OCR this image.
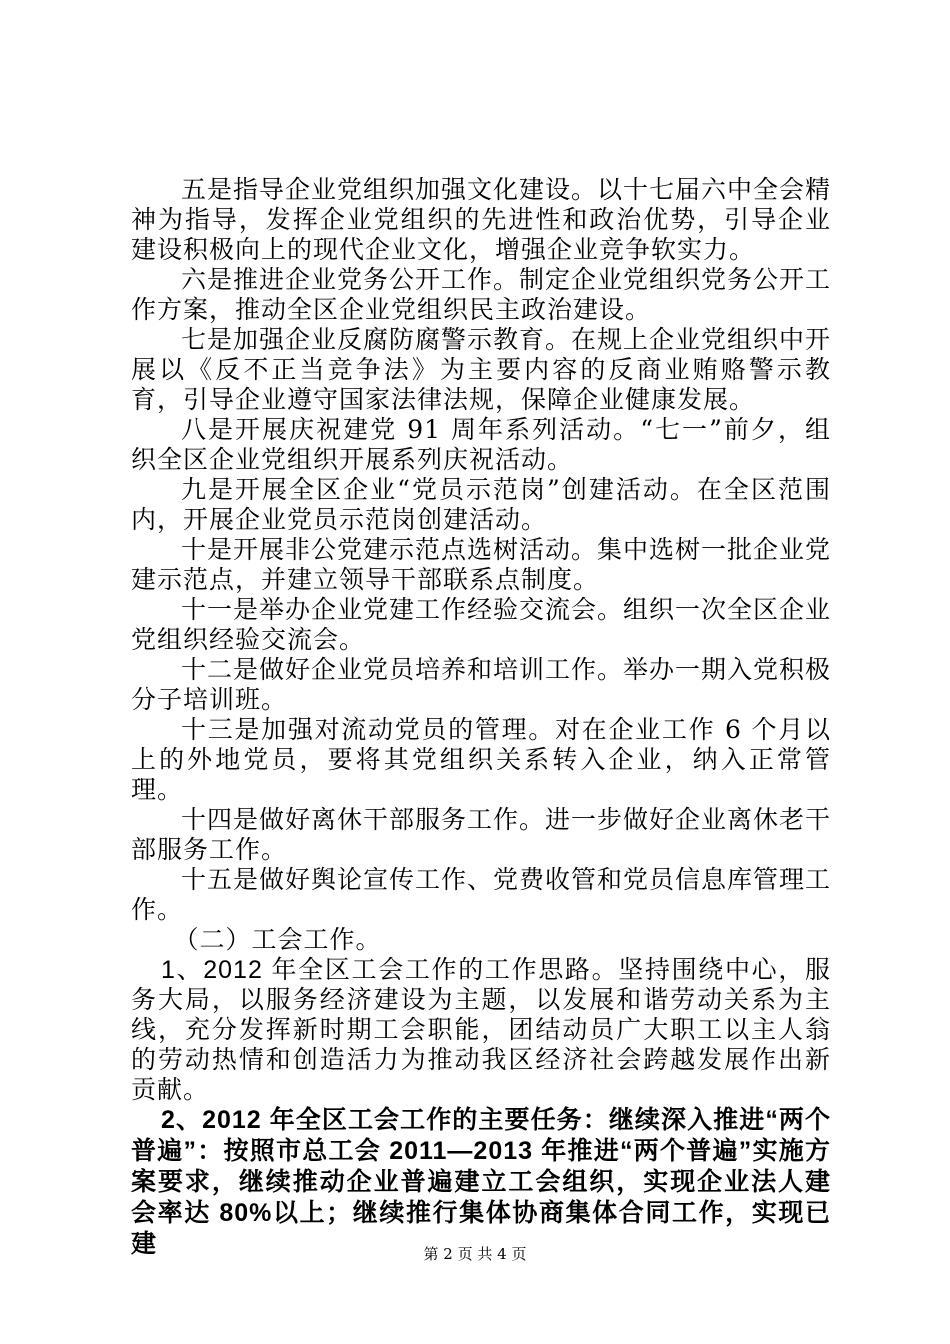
五是指导企业党组织加强文化建设。以十七届六中全会精神为指导，发挥企业党组织的先进性和政治优势，引导企业建设积极向上的现代企业文化，增强企业竞争软实力。

六是推进企业党务公开工作。制定企业党组织党务公开工作方案，推动全区企业党组织民主政治建设。

七是加强企业反腐防腐警示教育。在规上企业党组织中开展以《反不正当竞争法》为主要内容的反商业贿赂警示教育，引导企业遵守国家法律法规，保障企业健康发展。

八是开展庆祝建党 91 周年系列活动。“七一”前夕，组织全区企业党组织开展系列庆祝活动。

九是开展全区企业“党员示范岗”创建活动。在全区范围内，开展企业党员示范岗创建活动。

十是开展非公党建示范点选树活动。集中选树一批企业党建示范点，并建立领导干部联系点制度。

十一是举办企业党建工作经验交流会。组织一次全区企业党组织经验交流会。

十二是做好企业党员培养和培训工作。举办一期入党积极分子培训班。

十三是加强对流动党员的管理。对在企业工作 6 个月以上的外地党员，要将其党组织关系转入企业，纳入正常管理。

十四是做好离休干部服务工作。进一步做好企业离休老干部服务工作。

十五是做好舆论宣传工作、党费收管和党员信息库管理工作。

（二）工会工作。

1、2012 年全区工会工作的工作思路。坚持围绕中心，服务大局，以服务经济建设为主题，以发展和谐劳动关系为主线，充分发挥新时期工会职能，团结动员广大职工以主人翁的劳动热情和创造活力为推动我区经济社会跨越发展作出新贡献。

2、2012 年全区工会工作的主要任务：继续深入推进“两个普遍”：按照市总工会 2011—2013 年推进“两个普遍”实施方案要求，继续推动企业普遍建立工会组织，实现企业法人建会率达 80%以上；继续推行集体协商集体合同工作，实现已建	第 2 页 共 4 页
